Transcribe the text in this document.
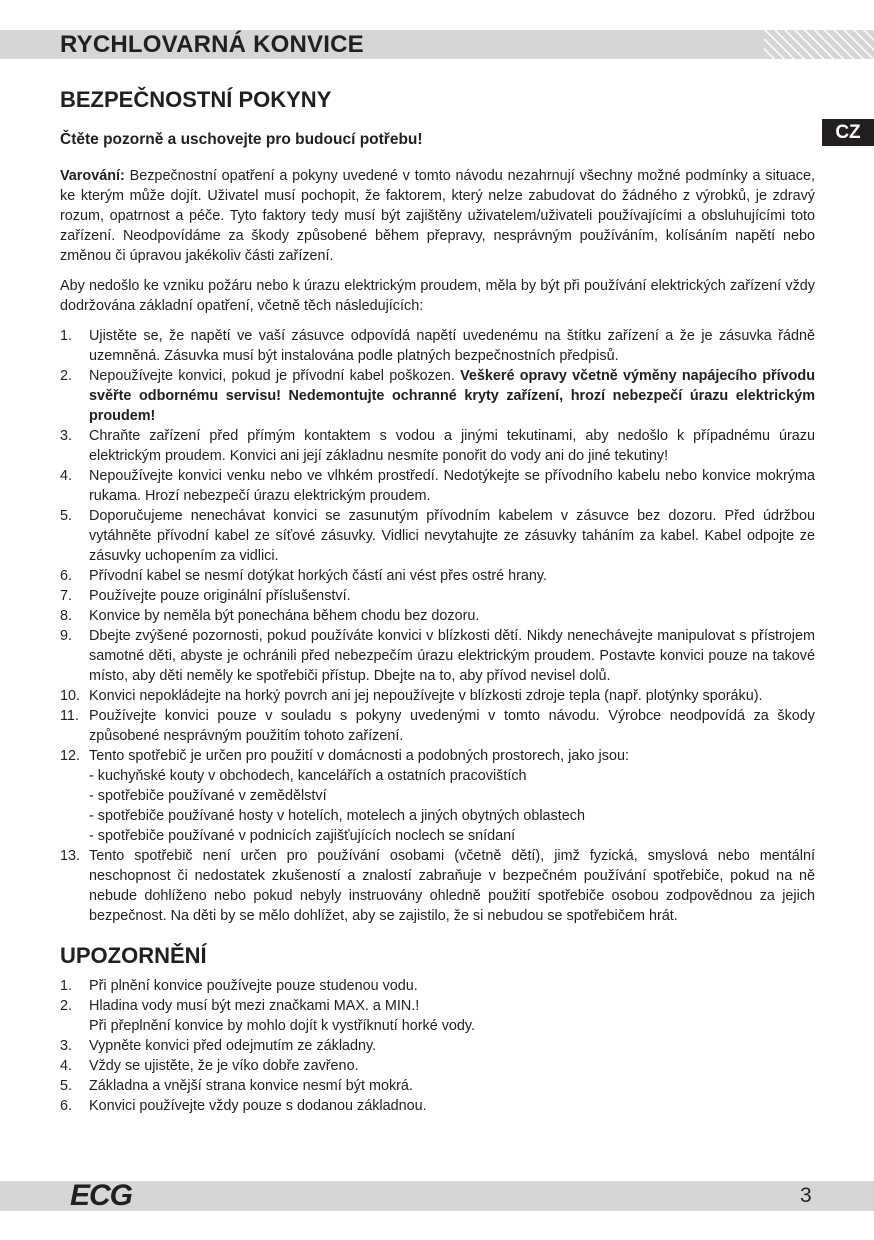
RYCHLOVARNÁ KONVICE
CZ
BEZPEČNOSTNÍ POKYNY
Čtěte pozorně a uschovejte pro budoucí potřebu!

Varování: Bezpečnostní opatření a pokyny uvedené v tomto návodu nezahrnují všechny možné podmínky a situace, ke kterým může dojít. Uživatel musí pochopit, že faktorem, který nelze zabudovat do žádného z výrobků, je zdravý rozum, opatrnost a péče. Tyto faktory tedy musí být zajištěny uživatelem/uživateli používajícími a obsluhujícími toto zařízení. Neodpovídáme za škody způsobené během přepravy, nesprávným používáním, kolísáním napětí nebo změnou či úpravou jakékoliv části zařízení.

Aby nedošlo ke vzniku požáru nebo k úrazu elektrickým proudem, měla by být při používání elektrických zařízení vždy dodržována základní opatření, včetně těch následujících:

1. Ujistěte se, že napětí ve vaší zásuvce odpovídá napětí uvedenému na štítku zařízení a že je zásuvka řádně uzemněná. Zásuvka musí být instalována podle platných bezpečnostních předpisů.
2. Nepoužívejte konvici, pokud je přívodní kabel poškozen. Veškeré opravy včetně výměny napájecího přívodu svěřte odbornému servisu! Nedemontujte ochranné kryty zařízení, hrozí nebezpečí úrazu elektrickým proudem!
3. Chraňte zařízení před přímým kontaktem s vodou a jinými tekutinami, aby nedošlo k případnému úrazu elektrickým proudem. Konvici ani její základnu nesmíte ponořit do vody ani do jiné tekutiny!
4. Nepoužívejte konvici venku nebo ve vlhkém prostředí. Nedotýkejte se přívodního kabelu nebo konvice mokrýma rukama. Hrozí nebezpečí úrazu elektrickým proudem.
5. Doporučujeme nenechávat konvici se zasunutým přívodním kabelem v zásuvce bez dozoru. Před údržbou vytáhněte přívodní kabel ze síťové zásuvky. Vidlici nevytahujte ze zásuvky taháním za kabel. Kabel odpojte ze zásuvky uchopením za vidlici.
6. Přívodní kabel se nesmí dotýkat horkých částí ani vést přes ostré hrany.
7. Používejte pouze originální příslušenství.
8. Konvice by neměla být ponechána během chodu bez dozoru.
9. Dbejte zvýšené pozornosti, pokud používáte konvici v blízkosti dětí. Nikdy nenechávejte manipulovat s přístrojem samotné děti, abyste je ochránili před nebezpečím úrazu elektrickým proudem. Postavte konvici pouze na takové místo, aby děti neměly ke spotřebiči přístup. Dbejte na to, aby přívod nevisel dolů.
10. Konvici nepokládejte na horký povrch ani jej nepoužívejte v blízkosti zdroje tepla (např. plotýnky sporáku).
11. Používejte konvici pouze v souladu s pokyny uvedenými v tomto návodu. Výrobce neodpovídá za škody způsobené nesprávným použitím tohoto zařízení.
12. Tento spotřebič je určen pro použití v domácnosti a podobných prostorech, jako jsou:
- kuchyňské kouty v obchodech, kancelářích a ostatních pracovištích
- spotřebiče používané v zemědělství
- spotřebiče používané hosty v hotelích, motelech a jiných obytných oblastech
- spotřebiče používané v podnicích zajišťujících noclech se snídaní
13. Tento spotřebič není určen pro používání osobami (včetně dětí), jimž fyzická, smyslová nebo mentální neschopnost či nedostatek zkušeností a znalostí zabraňuje v bezpečném používání spotřebiče, pokud na ně nebude dohlíženo nebo pokud nebyly instruovány ohledně použití spotřebiče osobou zodpovědnou za jejich bezpečnost. Na děti by se mělo dohlížet, aby se zajistilo, že si nebudou se spotřebičem hrát.
UPOZORNĚNÍ
1. Při plnění konvice používejte pouze studenou vodu.
2. Hladina vody musí být mezi značkami MAX. a MIN.!
Při přeplnění konvice by mohlo dojít k vystříknutí horké vody.
3. Vypněte konvici před odejmutím ze základny.
4. Vždy se ujistěte, že je víko dobře zavřeno.
5. Základna a vnější strana konvice nesmí být mokrá.
6. Konvici používejte vždy pouze s dodanou základnou.
ECG	3
